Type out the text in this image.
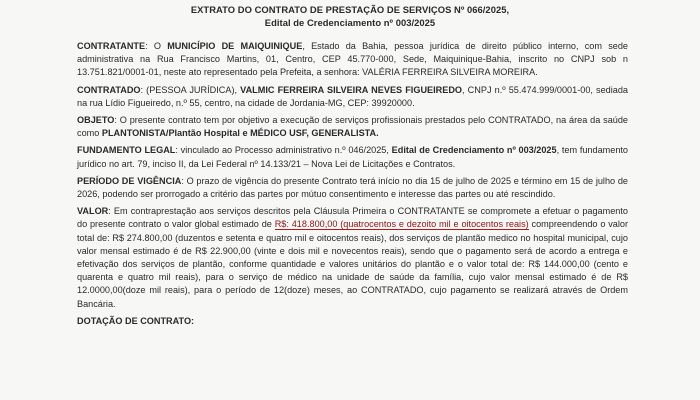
EXTRATO DO CONTRATO DE PRESTAÇÃO DE SERVIÇOS Nº 066/2025,
Edital de Credenciamento nº 003/2025

CONTRATANTE: O MUNICÍPIO DE MAIQUINIQUE, Estado da Bahia, pessoa jurídica de direito público interno, com sede administrativa na Rua Francisco Martins, 01, Centro, CEP 45.770-000, Sede, Maiquinique-Bahia, inscrito no CNPJ sob n 13.751.821/0001-01, neste ato representado pela Prefeita, a senhora: VALÉRIA FERREIRA SILVEIRA MOREIRA.

CONTRATADO: (PESSOA JURÍDICA), VALMIC FERREIRA SILVEIRA NEVES FIGUEIREDO, CNPJ n.º 55.474.999/0001-00, sediada na rua Lídio Figueiredo, n.º 55, centro, na cidade de Jordania-MG, CEP: 39920000.

OBJETO: O presente contrato tem por objetivo a execução de serviços profissionais prestados pelo CONTRATADO, na área da saúde como PLANTONISTA/Plantão Hospital e MÉDICO USF, GENERALISTA.

FUNDAMENTO LEGAL: vinculado ao Processo administrativo n.º 046/2025, Edital de Credenciamento nº 003/2025, tem fundamento jurídico no art. 79, inciso II, da Lei Federal nº 14.133/21 – Nova Lei de Licitações e Contratos.

PERÍODO DE VIGÊNCIA: O prazo de vigência do presente Contrato terá início no dia 15 de julho de 2025 e término em 15 de julho de 2026, podendo ser prorrogado a critério das partes por mútuo consentimento e interesse das partes ou até rescindido.

VALOR: Em contraprestação aos serviços descritos pela Cláusula Primeira o CONTRATANTE se compromete a efetuar o pagamento do presente contrato o valor global estimado de R$: 418.800,00 (quatrocentos e dezoito mil e oitocentos reais) compreendendo o valor total de: R$ 274.800,00 (duzentos e setenta e quatro mil e oitocentos reais), dos serviços de plantão medico no hospital municipal, cujo valor mensal estimado é de R$ 22.900,00 (vinte e dois mil e novecentos reais), sendo que o pagamento será de acordo a entrega e efetivação dos serviços de plantão, conforme quantidade e valores unitários do plantão e o valor total de: R$ 144.000,00 (cento e quarenta e quatro mil reais), para o serviço de médico na unidade de saúde da família, cujo valor mensal estimado é de R$ 12.0000,00(doze mil reais), para o período de 12(doze) meses, ao CONTRATADO, cujo pagamento se realizará através de Ordem Bancária.

DOTAÇÃO DE CONTRATO:
